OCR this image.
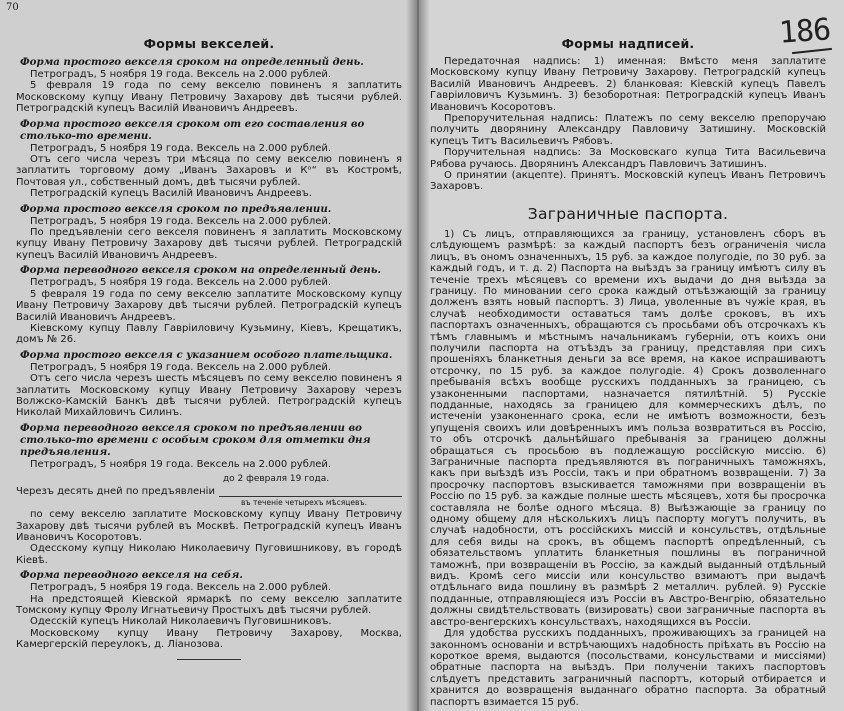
70
Формы векселей.
Форма простого векселя сроком на определенный день.

Петроградъ, 5 ноября 19 года. Вексель на 2.000 рублей.

5 февраля 19 года по сему векселю повиненъ я заплатить Московскому купцу Ивану Петровичу Захарову двѣ тысячи рублей. Петроградскій купецъ Василій Ивановичъ Андреевъ.

Форма простого векселя сроком от его составления во столько-то времени.

Петроградъ, 5 ноября 19 года. Вексель на 2.000 рублей.

Отъ сего числа черезъ три мѣсяца по сему векселю повиненъ я заплатить торговому дому „Иванъ Захаровъ и Кᵒ“ въ Костромѣ, Почтовая ул., собственный домъ, двѣ тысячи рублей.

Петроградскій купецъ Василій Ивановичъ Андреевъ.

Форма простого векселя сроком по предъявлении.

Петроградъ, 5 ноября 19 года. Вексель на 2.000 рублей.

По предъявленіи сего векселя повиненъ я заплатить Московскому купцу Ивану Петровичу Захарову двѣ тысячи рублей. Петроградскій купецъ Василій Ивановичъ Андреевъ.

Форма переводного векселя сроком на определенный день.

Петроградъ, 5 ноября 19 года. Вексель на 2.000 рублей.

5 февраля 19 года по сему векселю заплатите Московскому купцу Ивану Петровичу Захарову двѣ тысячи рублей. Петроградскій купецъ Василій Ивановичъ Андреевъ.

Кіевскому купцу Павлу Гавріиловичу Кузьмину, Кіевъ, Крещатикъ, домъ № 26.

Форма простого векселя с указанием особого плательщика.

Петроградъ, 5 ноября 19 года. Вексель на 2.000 рублей.

Отъ сего числа черезъ шесть мѣсяцевъ по сему векселю повиненъ я заплатить Московскому купцу Ивану Петровичу Захарову черезъ Волжско-Камскій Банкъ двѣ тысячи рублей. Петроградскій купецъ Николай Михайловичъ Силинъ.

Форма переводного векселя сроком по предъявлении во столько-то времени с особым сроком для отметки дня предъявления.

Петроградъ, 5 ноября 19 года. Вексель на 2.000 рублей.

Черезъ десять дней по предъявленіи
до 2 февраля 19 года.
въ теченіе четырехъ мѣсяцевъ.

по сему векселю заплатите Московскому купцу Ивану Петровичу Захарову двѣ тысячи рублей въ Москвѣ. Петроградскій купецъ Иванъ Ивановичъ Косоротовъ.

Одесскому купцу Николаю Николаевичу Пуговишникову, въ городѣ Кіевѣ.

Форма переводного векселя на себя.

Петроградъ, 5 ноября 19 года. Вексель на 2.000 рублей.

На предстоящей Кіевской ярмаркѣ по сему векселю заплатите Томскому купцу Фролу Игнатьевичу Простыхъ двѣ тысячи рублей.

Одесскій купецъ Николай Николаевичъ Пуговишниковъ.

Московскому купцу Ивану Петровичу Захарову, Москва, Камергерскій переулокъ, д. Ліанозова.

186
Формы надписей.

Передаточная надпись: 1) именная: Вмѣсто меня заплатите Московскому купцу Ивану Петровичу Захарову. Петроградскій купецъ Василій Ивановичъ Андреевъ. 2) бланковая: Кіевскій купецъ Павелъ Гавріиловичъ Кузьминъ. 3) безоборотная: Петроградскій купецъ Иванъ Ивановичъ Косоротовъ.

Препоручительная надпись: Платежъ по сему векселю препоручаю получить дворянину Александру Павловичу Затишину. Московскій купецъ Титъ Васильевичъ Рябовъ.

Поручительная надпись: За Московскаго купца Тита Васильевича Рябова ручаюсь. Дворянинъ Александръ Павловичъ Затишинъ.

О принятии (акцепте). Принятъ. Московскій купецъ Иванъ Петровичъ Захаровъ.

Заграничные паспорта.

1) Съ лицъ, отправляющихся за границу, установленъ сборъ въ слѣдующемъ размѣрѣ: за каждый паспортъ безъ ограниченія числа лицъ, въ ономъ означенныхъ, 15 руб. за каждое полугодіе, по 30 руб. за каждый годъ, и т. д. 2) Паспорта на выѣздъ за границу имѣютъ силу въ теченіе трехъ мѣсяцевъ со времени ихъ выдачи до дня выѣзда за границу. По миновании сего срока каждый отъѣзжающій за границу долженъ взять новый паспортъ. 3) Лица, уволенные въ чужіе края, въ случаѣ необходимости оставаться тамъ долѣе сроковъ, въ ихъ паспортахъ означенныхъ, обращаются съ просьбами объ отсрочкахъ къ тѣмъ главнымъ и мѣстнымъ начальникамъ губерніи, отъ коихъ они получили паспорта на отъѣздъ за границу, представляя при сихъ прошеніяхъ бланкетныя деньги за все время, на какое испрашиваютъ отсрочку, по 15 руб. за каждое полугодіе. 4) Срокъ дозволеннаго пребыванія всѣхъ вообще русскихъ подданныхъ за границею, съ узаконенными паспортами, назначается пятилѣтній. 5) Русскіе подданные, находясь за границею для коммерческихъ дѣлъ, по истеченіи узаконеннаго срока, если не имѣютъ возможности, безъ упущенія своихъ или довѣренныхъ имъ польза возвратиться въ Россію, то объ отсрочкѣ дальнѣйшаго пребыванія за границею должны обращаться съ просьбою въ подлежащую россійскую миссію. 6) Заграничные паспорта предъявляются въ пограничныхъ таможняхъ, какъ при выѣздѣ изъ Россіи, такъ и при обратномъ возвращеніи. 7) За просрочку паспортовъ взыскивается таможнями при возвращеніи въ Россію по 15 руб. за каждые полные шесть мѣсяцевъ, хотя бы просрочка составляла не болѣе одного мѣсяца. 8) Выѣзжающіе за границу по одному общему для нѣсколькихъ лицъ паспорту могутъ получить, въ случаѣ надобности, отъ россійскихъ миссій и консульствъ, отдѣльные для себя виды на срокъ, въ общемъ паспортѣ опредѣленный, съ обязательствомъ уплатить бланкетныя пошлины въ пограничной таможнѣ, при возвращеніи въ Россію, за каждый выданный отдѣльный видъ. Кромѣ сего миссіи или консульство взимаютъ при выдачѣ отдѣльнаго вида пошлину въ размѣрѣ 2 металлич. рублей. 9) Русскіе подданные, отправляющіеся изъ Россіи въ Австро-Венгрію, обязательно должны свидѣтельствовать (визировать) свои заграничные паспорта въ австро-венгерскихъ консульствахъ, находящихся въ Россіи.

Для удобства русскихъ подданныхъ, проживающихъ за границей на законномъ основаніи и встрѣчающихъ надобность пріѣхать въ Россію на короткое время, выдаются (посольствами, консульствами и миссіями) обратные паспорта на выѣздъ. При полученіи такихъ паспортовъ слѣдуетъ представить заграничный паспортъ, который отбирается и хранится до возвращенія выданнаго обратно паспорта. За обратный паспортъ взимается 15 руб.
